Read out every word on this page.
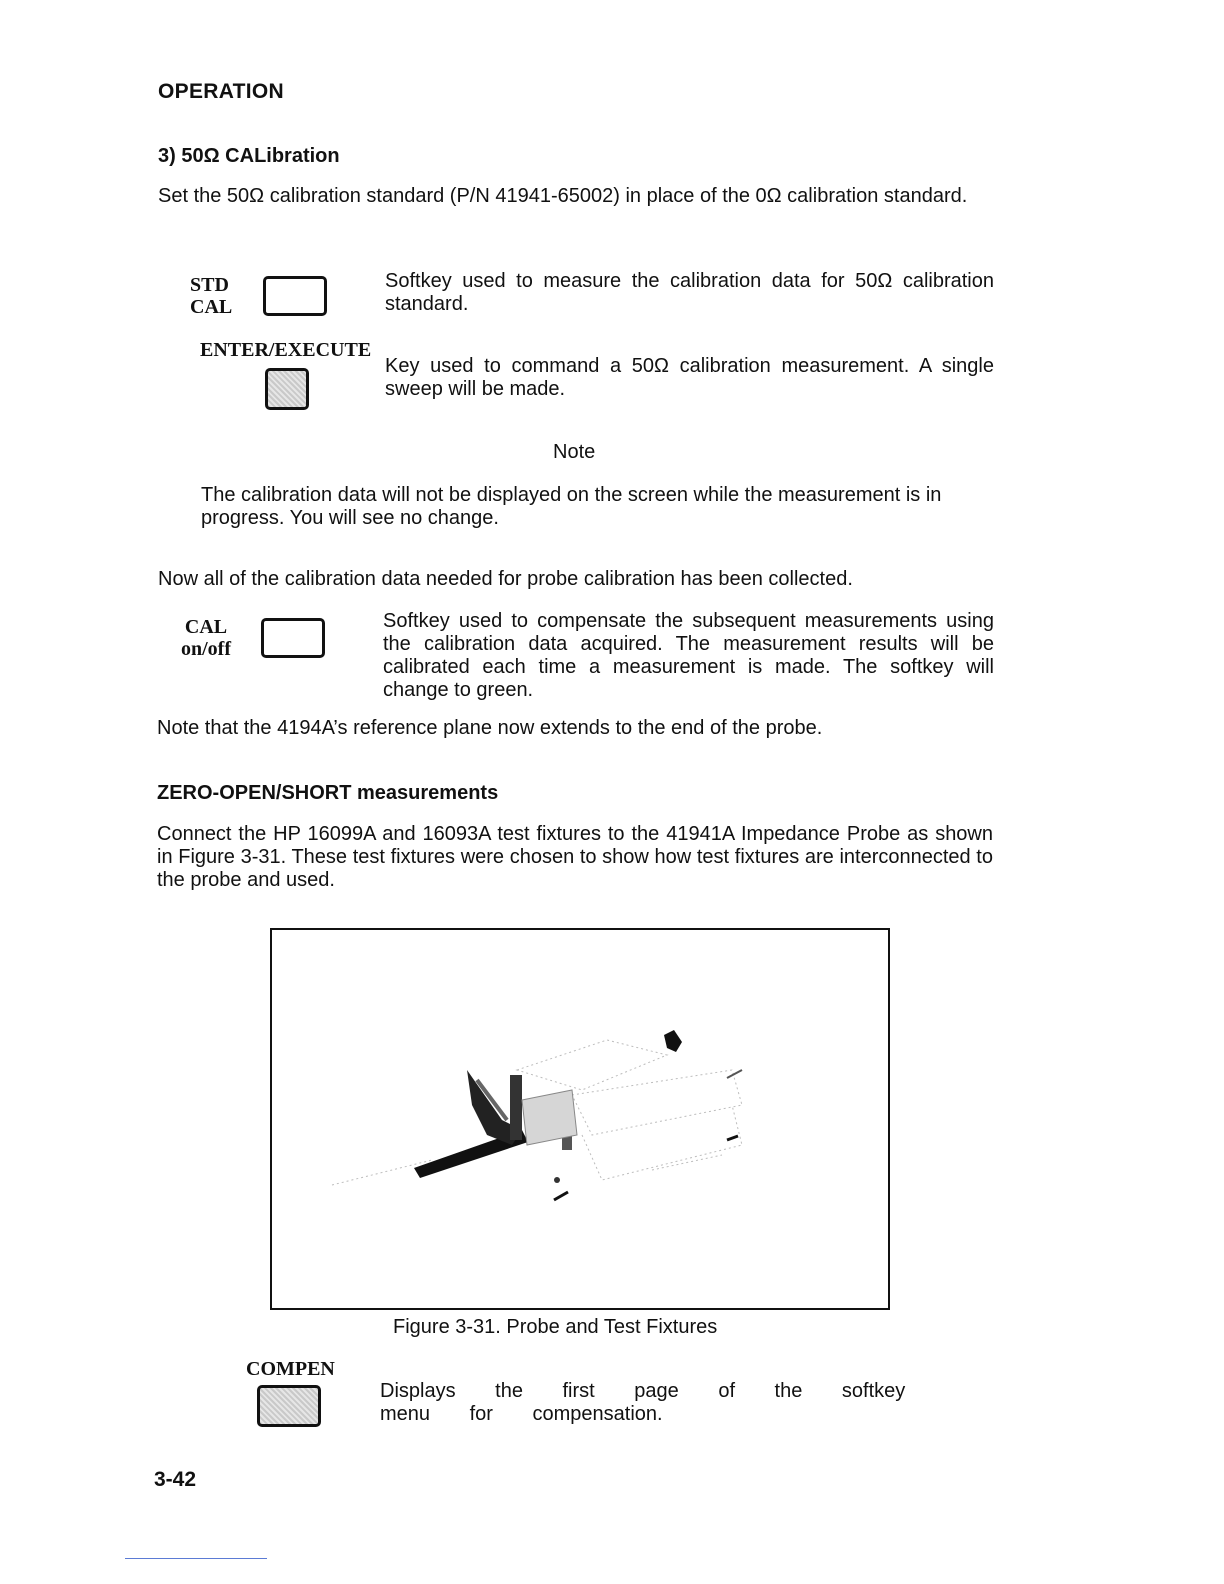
OPERATION
3) 50Ω CALibration
Set the 50Ω calibration standard (P/N 41941-65002) in place of the 0Ω calibration standard.
STD
CAL
Softkey used to measure the calibration data for 50Ω calibration standard.
ENTER/EXECUTE
Key used to command a 50Ω calibration measurement. A single sweep will be made.
Note
The calibration data will not be displayed on the screen while the measurement is in progress. You will see no change.
Now all of the calibration data needed for probe calibration has been collected.
CAL
on/off
Softkey used to compensate the subsequent measurements using the calibration data acquired. The measurement results will be calibrated each time a measurement is made. The softkey will change to green.
Note that the 4194A’s reference plane now extends to the end of the probe.
ZERO-OPEN/SHORT measurements
Connect the HP 16099A and 16093A test fixtures to the 41941A Impedance Probe as shown in Figure 3-31. These test fixtures were chosen to show how test fixtures are interconnected to the probe and used.
Figure 3-31. Probe and Test Fixtures
COMPEN
Displays the first page of the softkey menu for compensation.
3-42
